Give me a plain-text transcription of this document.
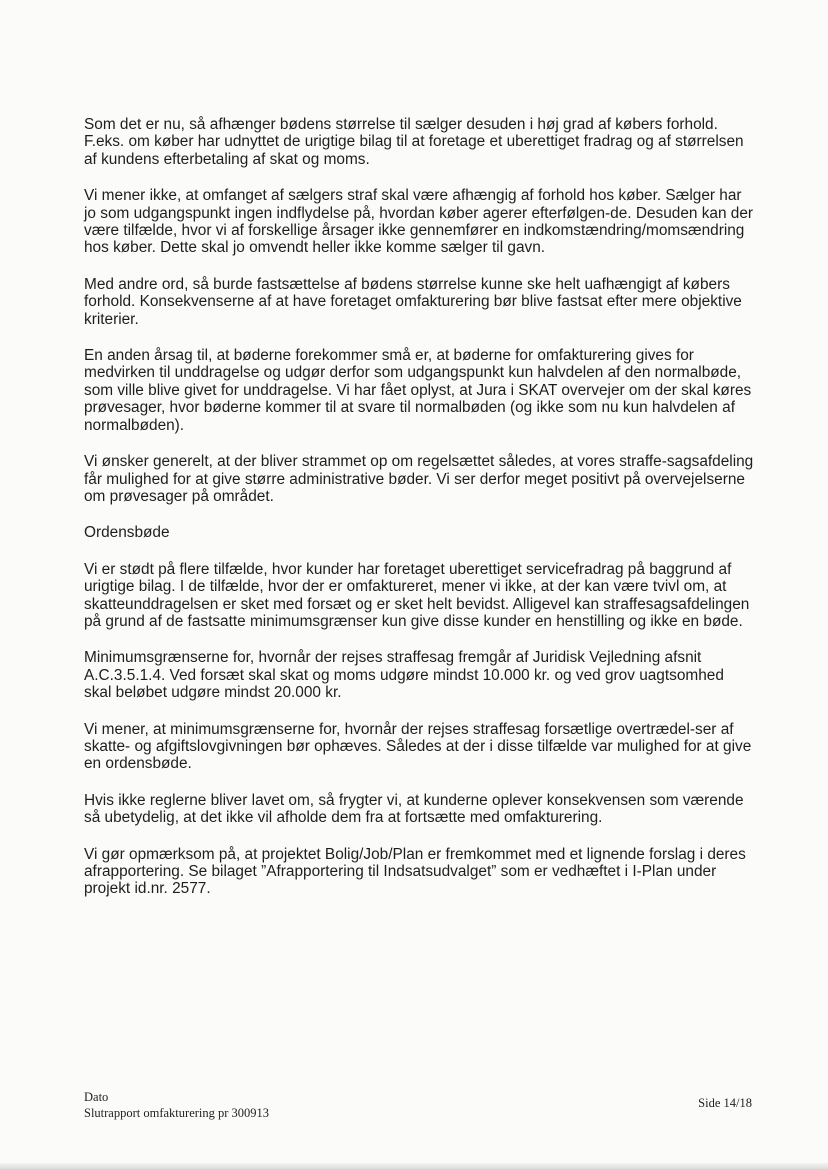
Som det er nu, så afhænger bødens størrelse til sælger desuden i høj grad af købers forhold. F.eks. om køber har udnyttet de urigtige bilag til at foretage et uberettiget fradrag og af størrelsen af kundens efterbetaling af skat og moms.

Vi mener ikke, at omfanget af sælgers straf skal være afhængig af forhold hos køber. Sælger har jo som udgangspunkt ingen indflydelse på, hvordan køber agerer efterfølgen-de. Desuden kan der være tilfælde, hvor vi af forskellige årsager ikke gennemfører en indkomstændring/momsændring hos køber. Dette skal jo omvendt heller ikke komme sælger til gavn.

Med andre ord, så burde fastsættelse af bødens størrelse kunne ske helt uafhængigt af købers forhold. Konsekvenserne af at have foretaget omfakturering bør blive fastsat efter mere objektive kriterier.

En anden årsag til, at bøderne forekommer små er, at bøderne for omfakturering gives for medvirken til unddragelse og udgør derfor som udgangspunkt kun halvdelen af den normalbøde, som ville blive givet for unddragelse. Vi har fået oplyst, at Jura i SKAT overvejer om der skal køres prøvesager, hvor bøderne kommer til at svare til normalbøden (og ikke som nu kun halvdelen af normalbøden).

Vi ønsker generelt, at der bliver strammet op om regelsættet således, at vores straffe-sagsafdeling får mulighed for at give større administrative bøder. Vi ser derfor meget positivt på overvejelserne om prøvesager på området.

Ordensbøde

Vi er stødt på flere tilfælde, hvor kunder har foretaget uberettiget servicefradrag på baggrund af urigtige bilag. I de tilfælde, hvor der er omfaktureret, mener vi ikke, at der kan være tvivl om, at skatteunddragelsen er sket med forsæt og er sket helt bevidst. Alligevel kan straffesagsafdelingen på grund af de fastsatte minimumsgrænser kun give disse kunder en henstilling og ikke en bøde.

Minimumsgrænserne for, hvornår der rejses straffesag fremgår af Juridisk Vejledning afsnit A.C.3.5.1.4. Ved forsæt skal skat og moms udgøre mindst 10.000 kr. og ved grov uagtsomhed skal beløbet udgøre mindst 20.000 kr.

Vi mener, at minimumsgrænserne for, hvornår der rejses straffesag forsætlige overtrædel-ser af skatte- og afgiftslovgivningen bør ophæves. Således at der i disse tilfælde var mulighed for at give en ordensbøde.

Hvis ikke reglerne bliver lavet om, så frygter vi, at kunderne oplever konsekvensen som værende så ubetydelig, at det ikke vil afholde dem fra at fortsætte med omfakturering.

Vi gør opmærksom på, at projektet Bolig/Job/Plan er fremkommet med et lignende forslag i deres afrapportering. Se bilaget ”Afrapportering til Indsatsudvalget” som er vedhæftet i I-Plan under projekt id.nr. 2577.

Dato
Slutrapport omfakturering pr 300913
Side 14/18
